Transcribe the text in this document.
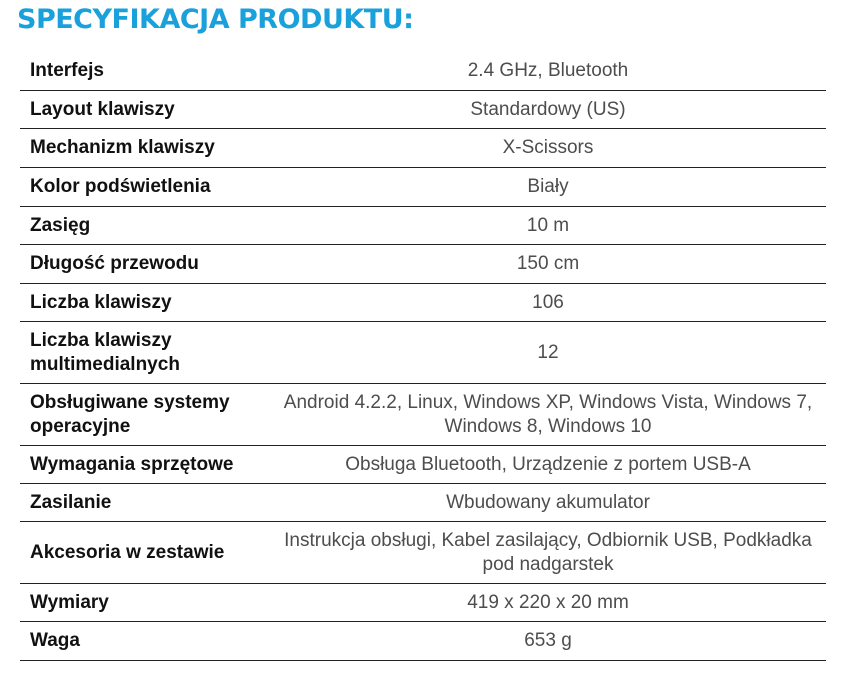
SPECYFIKACJA PRODUKTU:
Interfejs	2.4 GHz, Bluetooth
Layout klawiszy	Standardowy (US)
Mechanizm klawiszy	X-Scissors
Kolor podświetlenia	Biały
Zasięg	10 m
Długość przewodu	150 cm
Liczba klawiszy	106
Liczba klawiszy multimedialnych	12
Obsługiwane systemy operacyjne	Android 4.2.2, Linux, Windows XP, Windows Vista, Windows 7, Windows 8, Windows 10
Wymagania sprzętowe	Obsługa Bluetooth, Urządzenie z portem USB-A
Zasilanie	Wbudowany akumulator
Akcesoria w zestawie	Instrukcja obsługi, Kabel zasilający, Odbiornik USB, Podkładka pod nadgarstek
Wymiary	419 x 220 x 20 mm
Waga	653 g
